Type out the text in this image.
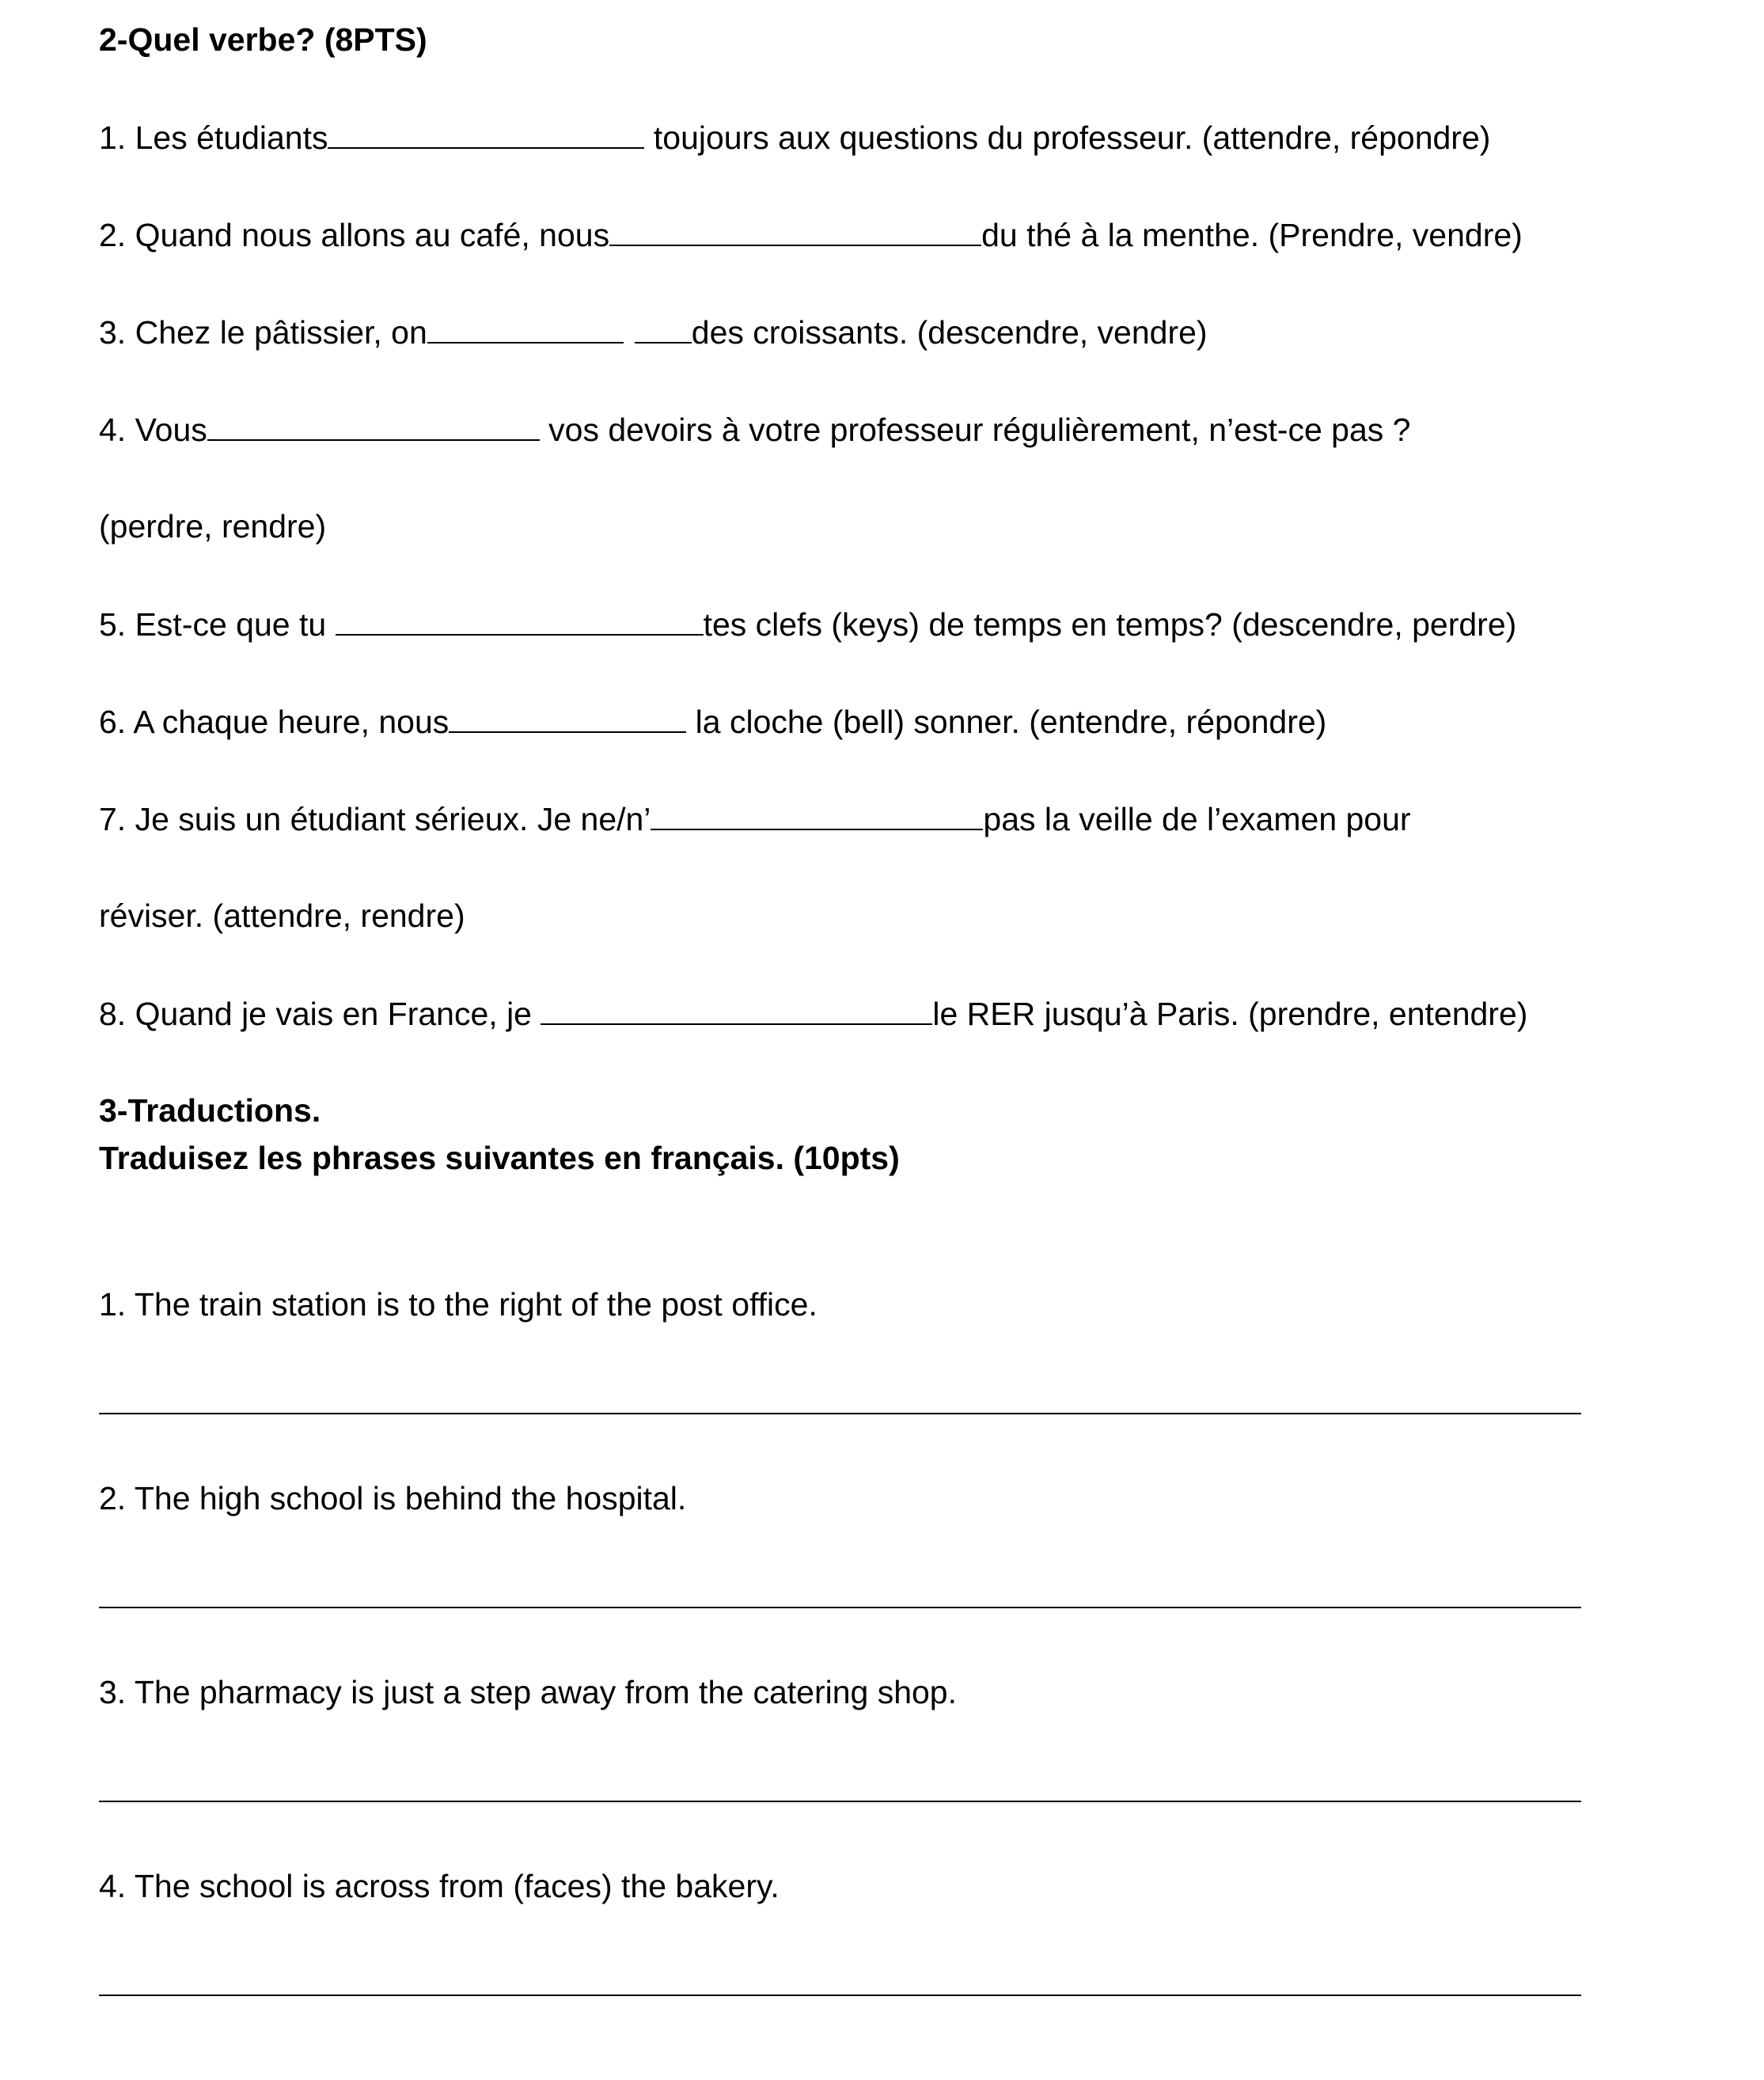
2-Quel verbe? (8PTS)
1. Les étudiants	toujours aux questions du professeur. (attendre, répondre)
2. Quand nous allons au café, nous	du thé à la menthe. (Prendre, vendre)
3. Chez le pâtissier, on	des croissants. (descendre, vendre)
4. Vous	vos devoirs à votre professeur régulièrement, n’est-ce pas ?
(perdre, rendre)
5. Est-ce que tu	tes clefs (keys) de temps en temps? (descendre, perdre)
6. A chaque heure, nous	la cloche (bell) sonner. (entendre, répondre)
7. Je suis un étudiant sérieux. Je ne/n’	pas la veille de l’examen pour
réviser. (attendre, rendre)
8. Quand je vais en France, je	le RER jusqu’à Paris. (prendre, entendre)
3-Traductions.
Traduisez les phrases suivantes en français. (10pts)
1. The train station is to the right of the post office.
2. The high school is behind the hospital.
3. The pharmacy is just a step away from the catering shop.
4. The school is across from (faces) the bakery.
